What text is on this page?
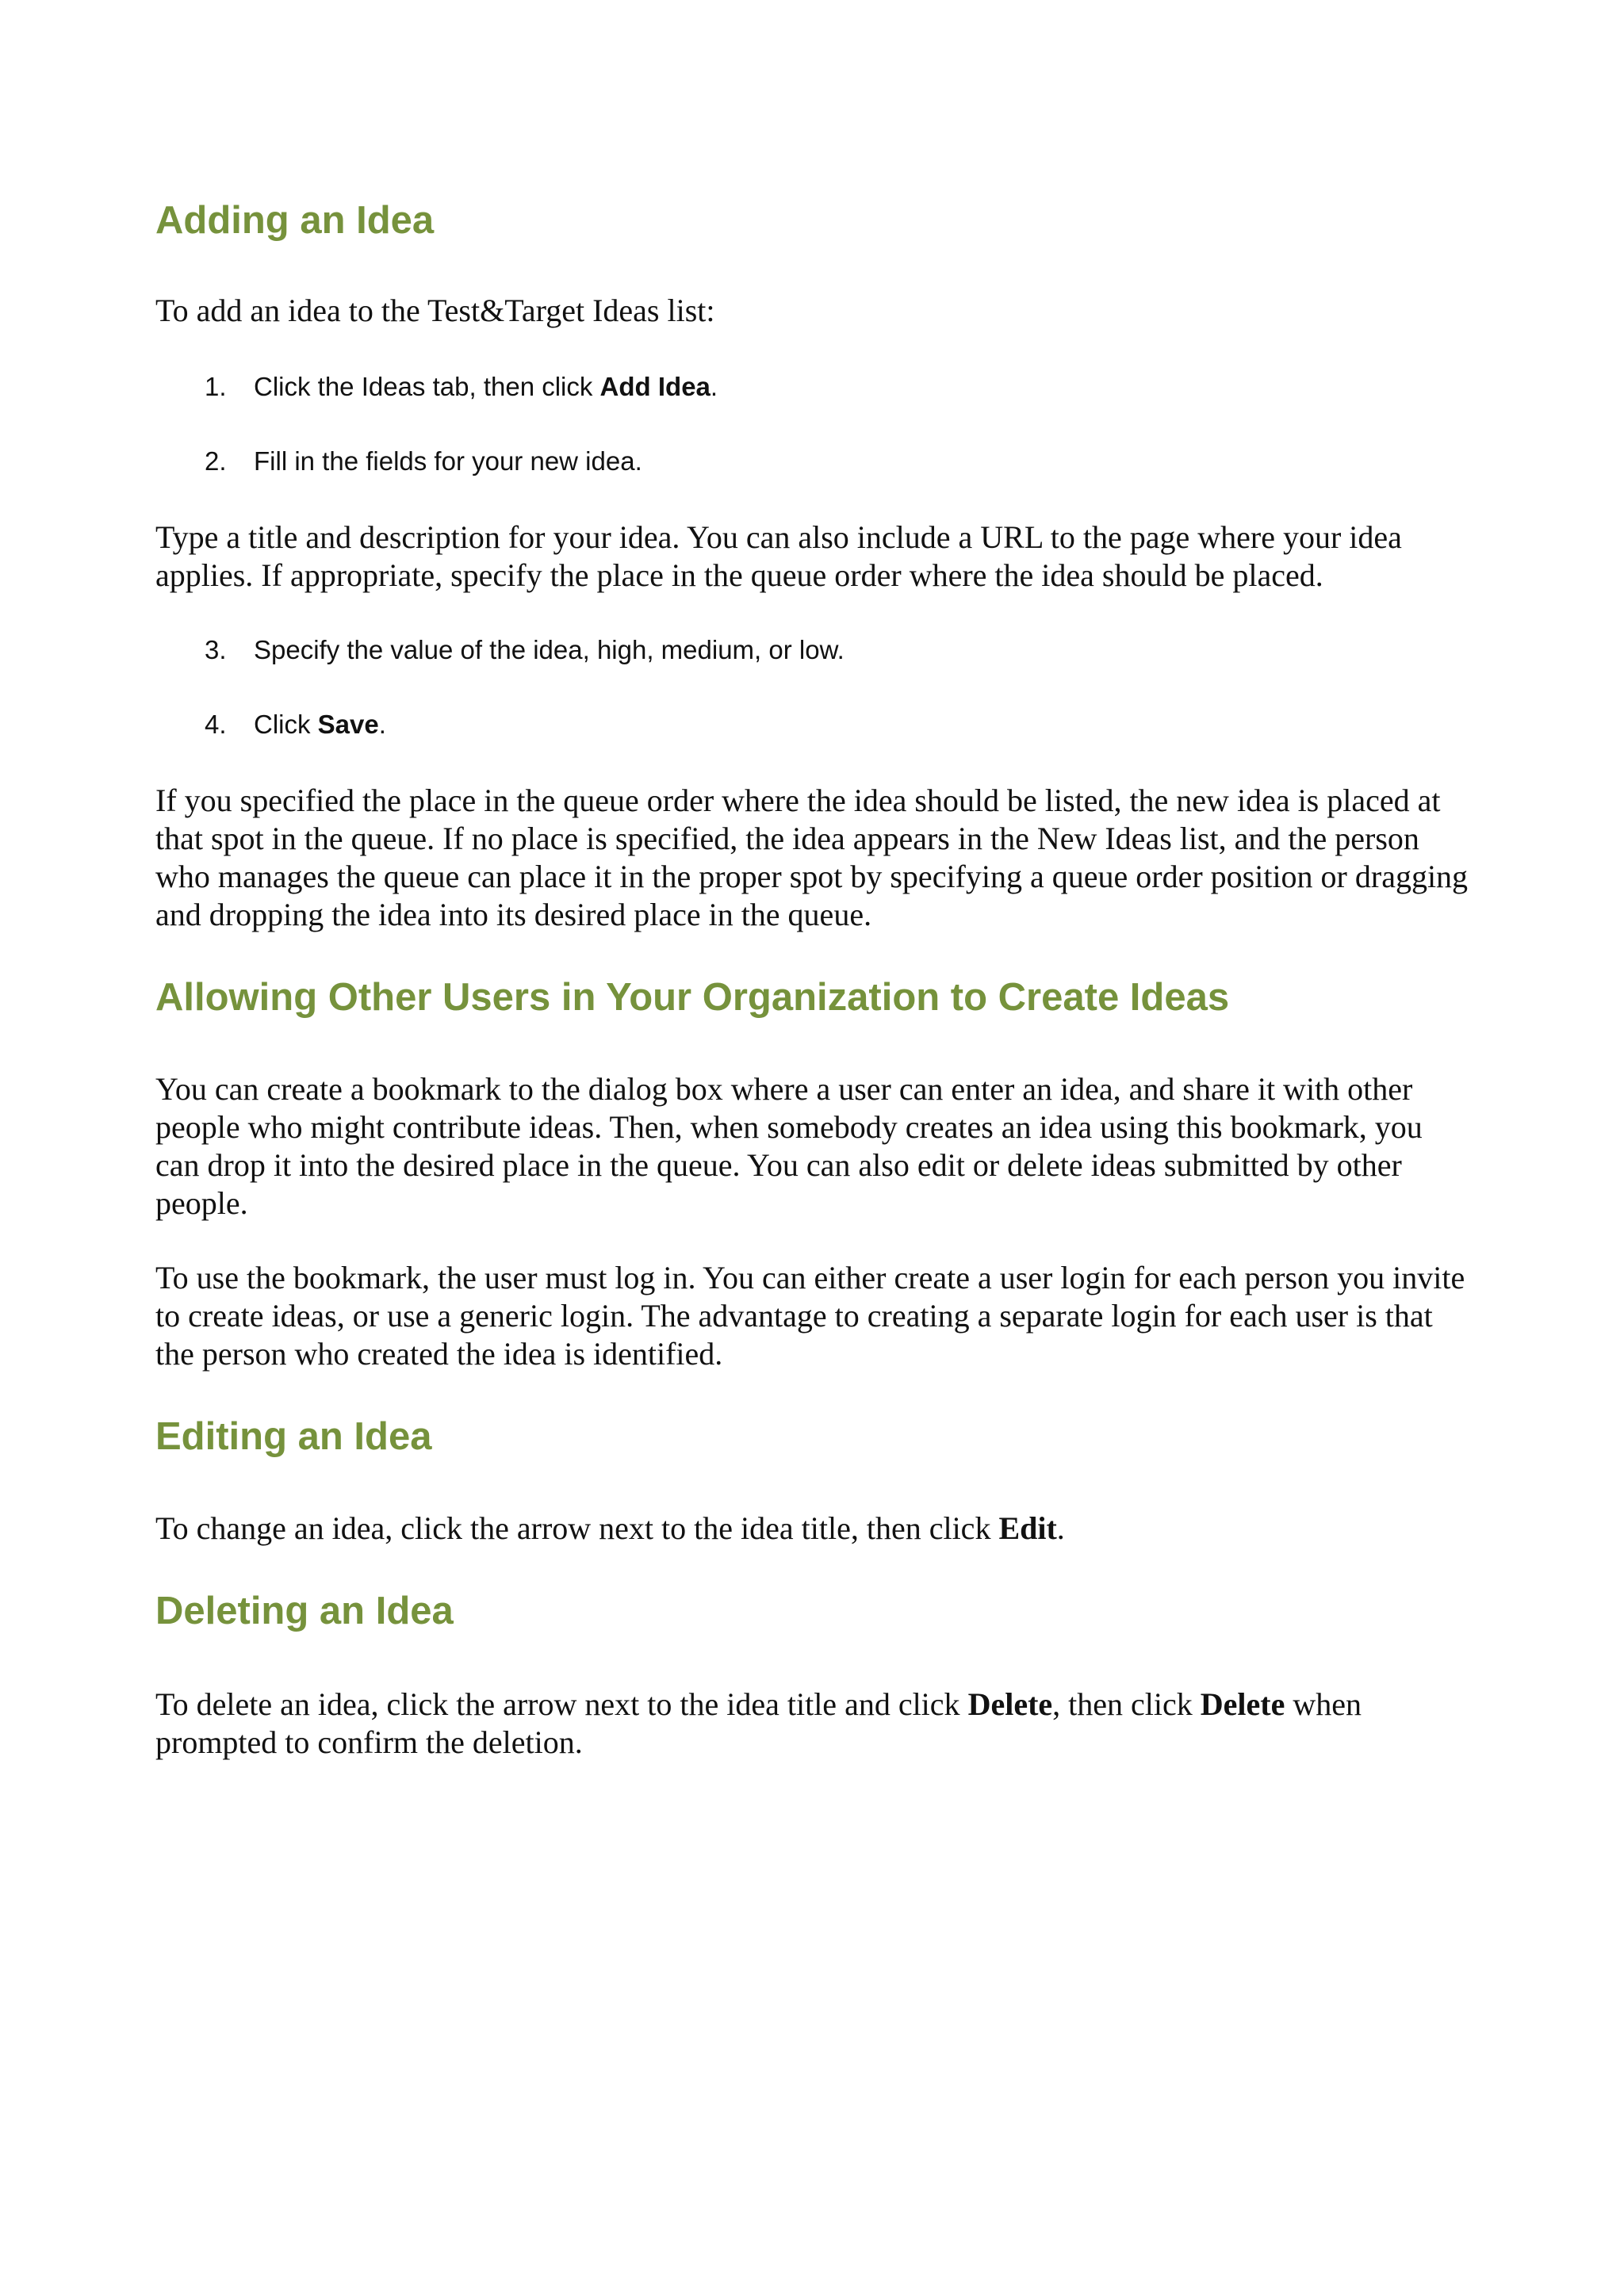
Adding an Idea

To add an idea to the Test&Target Ideas list:

1. Click the Ideas tab, then click Add Idea.
2. Fill in the fields for your new idea.

Type a title and description for your idea. You can also include a URL to the page where your idea applies. If appropriate, specify the place in the queue order where the idea should be placed.

3. Specify the value of the idea, high, medium, or low.
4. Click Save.

If you specified the place in the queue order where the idea should be listed, the new idea is placed at that spot in the queue. If no place is specified, the idea appears in the New Ideas list, and the person who manages the queue can place it in the proper spot by specifying a queue order position or dragging and dropping the idea into its desired place in the queue.

Allowing Other Users in Your Organization to Create Ideas

You can create a bookmark to the dialog box where a user can enter an idea, and share it with other people who might contribute ideas. Then, when somebody creates an idea using this bookmark, you can drop it into the desired place in the queue. You can also edit or delete ideas submitted by other people.

To use the bookmark, the user must log in. You can either create a user login for each person you invite to create ideas, or use a generic login. The advantage to creating a separate login for each user is that the person who created the idea is identified.

Editing an Idea

To change an idea, click the arrow next to the idea title, then click Edit.

Deleting an Idea

To delete an idea, click the arrow next to the idea title and click Delete, then click Delete when prompted to confirm the deletion.
